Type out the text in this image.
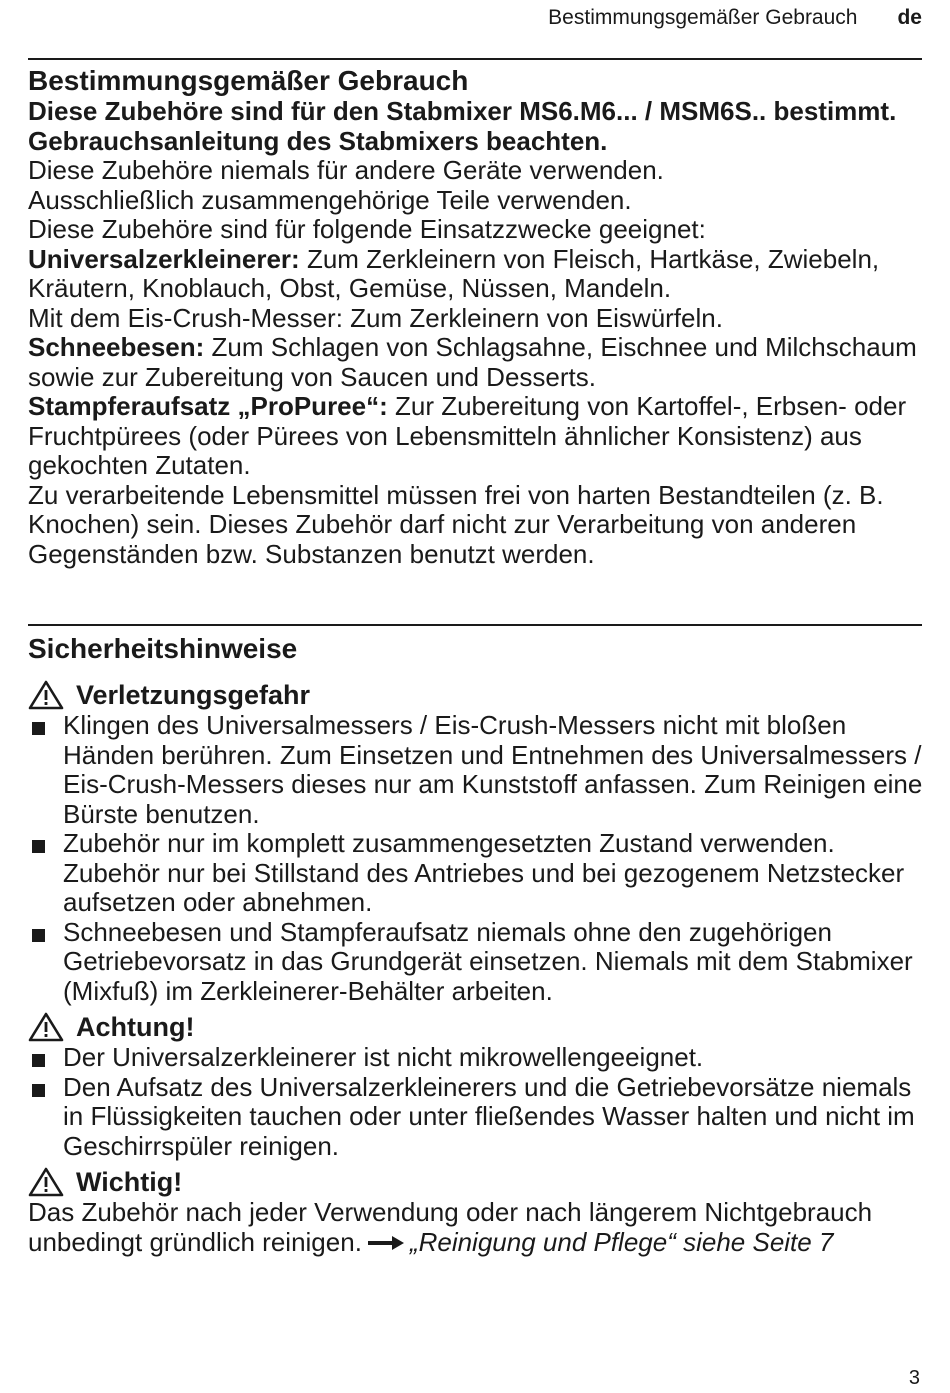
Bestimmungsgemäßer Gebrauch de
Bestimmungsgemäßer Gebrauch

Diese Zubehöre sind für den Stabmixer MS6.M6... / MSM6S.. bestimmt. Gebrauchsanleitung des Stabmixers beachten.

Diese Zubehöre niemals für andere Geräte verwenden.

Ausschließlich zusammengehörige Teile verwenden.

Diese Zubehöre sind für folgende Einsatzzwecke geeignet:

Universalzerkleinerer: Zum Zerkleinern von Fleisch, Hartkäse, Zwiebeln, Kräutern, Knoblauch, Obst, Gemüse, Nüssen, Mandeln.

Mit dem Eis-Crush-Messer: Zum Zerkleinern von Eiswürfeln.

Schneebesen: Zum Schlagen von Schlagsahne, Eischnee und Milchschaum sowie zur Zubereitung von Saucen und Desserts.

Stampferaufsatz „ProPuree“: Zur Zubereitung von Kartoffel-, Erbsen- oder Fruchtpürees (oder Pürees von Lebensmitteln ähnlicher Konsistenz) aus gekochten Zutaten.

Zu verarbeitende Lebensmittel müssen frei von harten Bestandteilen (z. B. Knochen) sein. Dieses Zubehör darf nicht zur Verarbeitung von anderen Gegenständen bzw. Substanzen benutzt werden.

Sicherheitshinweise
Verletzungsgefahr
Klingen des Universalmessers / Eis-Crush-Messers nicht mit bloßen Händen berühren. Zum Einsetzen und Entnehmen des Universalmessers / Eis-Crush-Messers dieses nur am Kunststoff anfassen. Zum Reinigen eine Bürste benutzen.
Zubehör nur im komplett zusammengesetzten Zustand verwenden. Zubehör nur bei Stillstand des Antriebes und bei gezogenem Netzstecker aufsetzen oder abnehmen.
Schneebesen und Stampferaufsatz niemals ohne den zugehörigen Getriebevorsatz in das Grundgerät einsetzen. Niemals mit dem Stabmixer (Mixfuß) im Zerkleinerer-Behälter arbeiten.
Achtung!
Der Universalzerkleinerer ist nicht mikrowellengeeignet.
Den Aufsatz des Universalzerkleinerers und die Getriebevorsätze niemals in Flüssigkeiten tauchen oder unter fließendes Wasser halten und nicht im Geschirrspüler reinigen.
Wichtig!

Das Zubehör nach jeder Verwendung oder nach längerem Nichtgebrauch unbedingt gründlich reinigen. „Reinigung und Pflege“ siehe Seite 7

3
